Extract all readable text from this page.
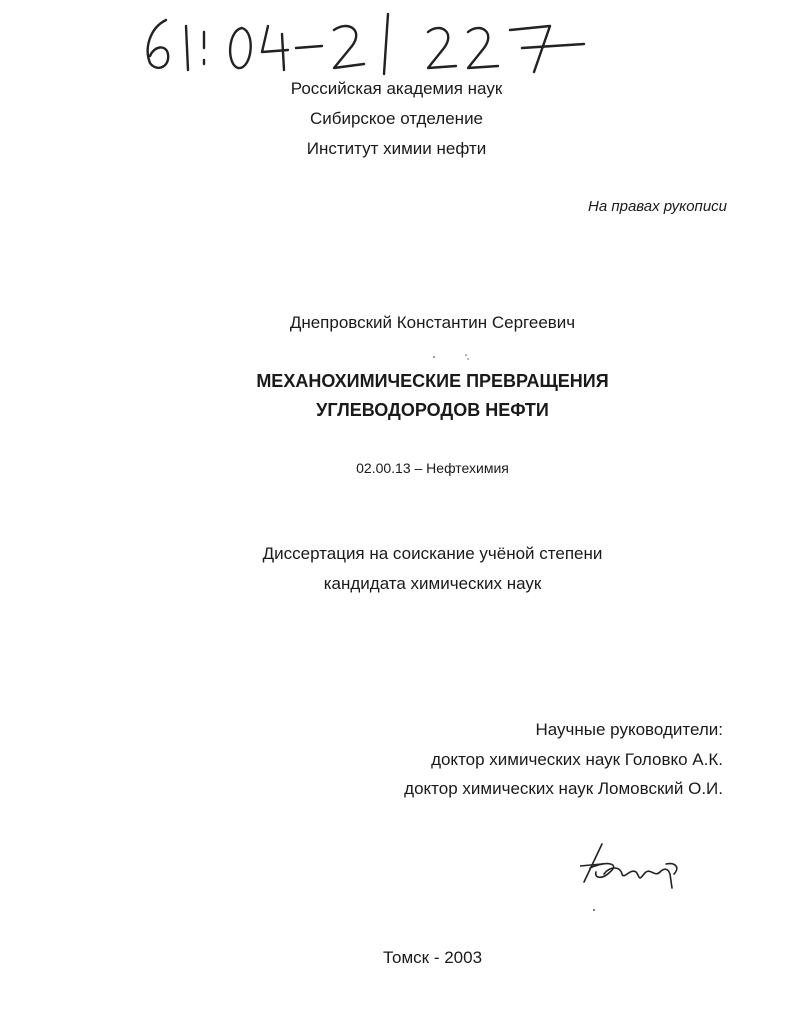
Российская академия наук
Сибирское отделение
Институт химии нефти
На правах рукописи
Днепровский Константин Сергеевич
МЕХАНОХИМИЧЕСКИЕ ПРЕВРАЩЕНИЯ
УГЛЕВОДОРОДОВ НЕФТИ
02.00.13 – Нефтехимия
Диссертация на соискание учёной степени
кандидата химических наук
Научные руководители:
доктор химических наук Головко А.К.
доктор химических наук Ломовский О.И.
Томск - 2003
